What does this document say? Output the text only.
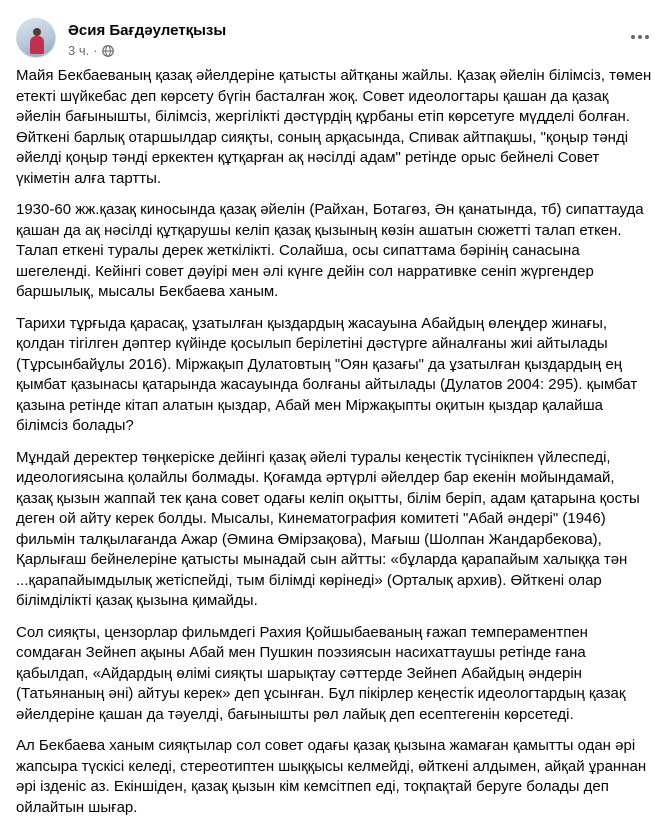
Әсия Бағдәулетқызы
3 ч. ·

Майя Бекбаеваның қазақ әйелдеріне қатысты айтқаны жайлы. Қазақ әйелін білімсіз, төмен етекті шүйкебас деп көрсету бүгін басталған жоқ. Совет идеологтары қашан да қазақ әйелін бағынышты, білімсіз, жергілікті дәстүрдің құрбаны етіп көрсетуге мүдделі болған. Өйткені барлық отаршылдар сияқты, соның арқасында, Спивак айтпақшы, "қоңыр тәнді әйелді қоңыр тәнді еркектен құтқарған ақ нәсілді адам" ретінде орыс бейнелі Совет үкіметін алға тартты.

1930-60 жж.қазақ киносында қазақ әйелін (Райхан, Ботагөз, Ән қанатында, тб) сипаттауда қашан да ақ нәсілді құтқарушы келіп қазақ қызының көзін ашатын сюжетті талап еткен. Талап еткені туралы дерек жеткілікті. Солайша, осы сипаттама бәрінің санасына шегеленді. Кейінгі совет дәуірі мен әлі күнге дейін сол нарративке сеніп жүргендер баршылық, мысалы Бекбаева ханым.

Тарихи тұрғыда қарасақ, ұзатылған қыздардың жасауына Абайдың өлеңдер жинағы, қолдан тігілген дәптер күйінде қосылып берілетіні дәстүрге айналғаны жиі айтылады (Тұрсынбайұлы 2016). Міржақып Дулатовтың "Оян қазағы" да ұзатылған қыздардың ең қымбат қазынасы қатарында жасауында болғаны айтылады (Дулатов 2004: 295). қымбат қазына ретінде кітап алатын қыздар, Абай мен Міржақыпты оқитын қыздар қалайша білімсіз болады?

Мұндай деректер төңкеріске дейінгі қазақ әйелі туралы кеңестік түсінікпен үйлеспеді, идеологиясына қолайлы болмады. Қоғамда әртүрлі әйелдер бар екенін мойындамай, қазақ қызын жаппай тек қана совет одағы келіп оқытты, білім беріп, адам қатарына қосты деген ой айту керек болды. Мысалы, Кинематография комитеті "Абай әндері" (1946) фильмін талқылағанда Ажар (Әмина Өмірзақова), Мағыш (Шолпан Жандарбекова), Қарлығаш бейнелеріне қатысты мынадай сын айтты: «бұларда қарапайым халыққа тән ...қарапайымдылық жетіспейді, тым білімді көрінеді» (Орталық архив). Өйткені олар білімділікті қазақ қызына қимайды.

Сол сияқты, цензорлар фильмдегі Рахия Қойшыбаеваның ғажап темпераментпен сомдаған Зейнеп ақыны Абай мен Пушкин поэзиясын насихаттаушы ретінде ғана қабылдап, «Айдардың өлімі сияқты шарықтау сәттерде Зейнеп Абайдың әндерін (Татьянаның әні) айтуы керек» деп ұсынған. Бұл пікірлер кеңестік идеологтардың қазақ әйелдеріне қашан да тәуелді, бағынышты рөл лайық деп есептегенін көрсетеді.

Ал Бекбаева ханым сияқтылар сол совет одағы қазақ қызына жамаған қамытты одан әрі жапсыра түскісі келеді, стереотиптен шыққысы келмейді, өйткені алдымен, айқай ұраннан әрі ізденіс аз. Екіншіден, қазақ қызын кім кемсітпеп еді, тоқпақтай беруге болады деп ойлайтын шығар.
